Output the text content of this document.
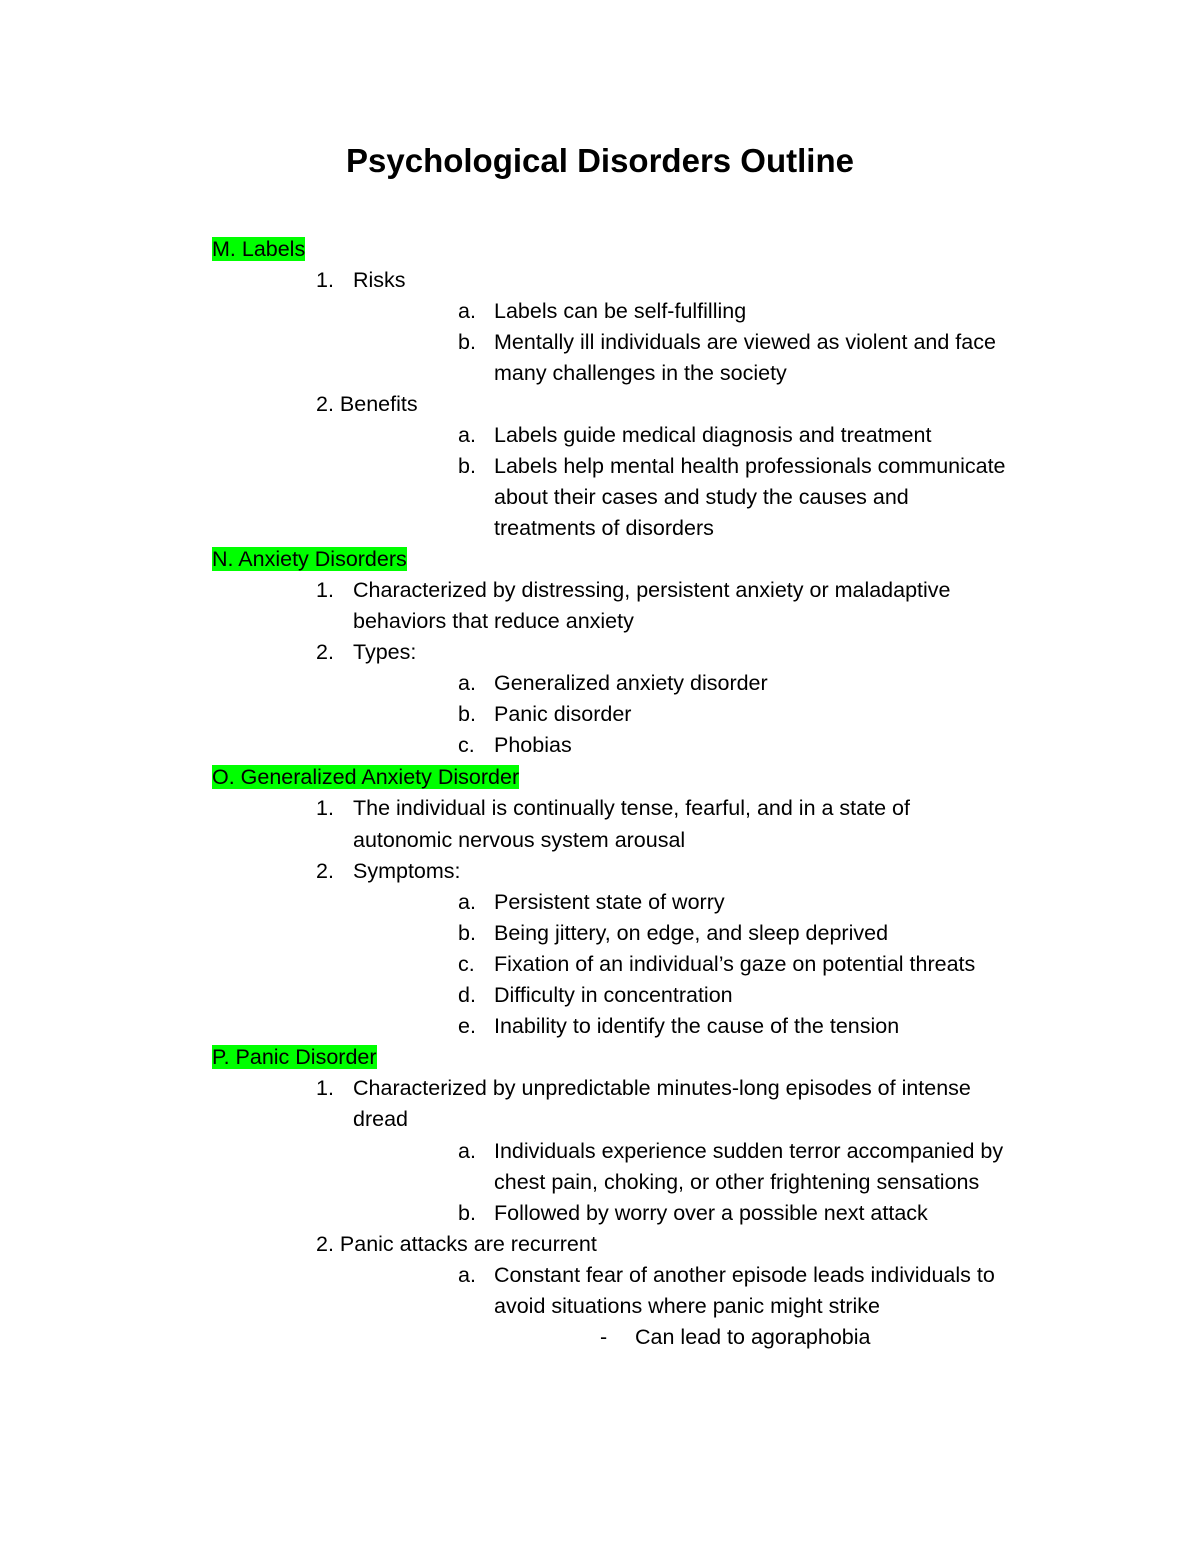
Psychological Disorders Outline
M. Labels
1. Risks
a. Labels can be self-fulfilling
b. Mentally ill individuals are viewed as violent and face
many challenges in the society
2. Benefits
a. Labels guide medical diagnosis and treatment
b. Labels help mental health professionals communicate
about their cases and study the causes and
treatments of disorders
N. Anxiety Disorders
1. Characterized by distressing, persistent anxiety or maladaptive
behaviors that reduce anxiety
2. Types:
a. Generalized anxiety disorder
b. Panic disorder
c. Phobias
O. Generalized Anxiety Disorder
1. The individual is continually tense, fearful, and in a state of
autonomic nervous system arousal
2. Symptoms:
a. Persistent state of worry
b. Being jittery, on edge, and sleep deprived
c. Fixation of an individual’s gaze on potential threats
d. Difficulty in concentration
e. Inability to identify the cause of the tension
P. Panic Disorder
1. Characterized by unpredictable minutes-long episodes of intense
dread
a. Individuals experience sudden terror accompanied by
chest pain, choking, or other frightening sensations
b. Followed by worry over a possible next attack
2. Panic attacks are recurrent
a. Constant fear of another episode leads individuals to
avoid situations where panic might strike
- Can lead to agoraphobia
